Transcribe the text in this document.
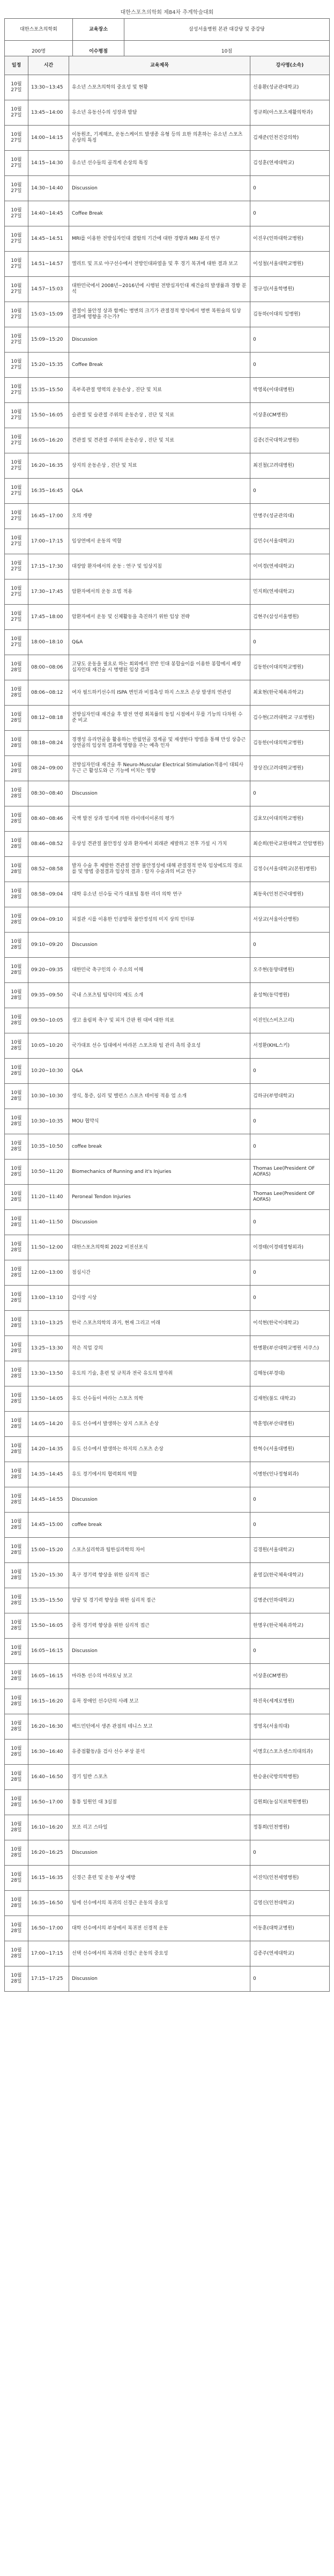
대한스포츠의학회 제84차 추계학술대회
대한스포츠의학회	교육장소	삼성서울병원 본관 대강당 및 중강당
200명	이수평점	10점
일정	시간	교육제목	강사명(소속)
10월 27일	13:30~13:45	유소년 스포츠의학의 중요성 및 현황	신용환(성균관대학교)
10월 27일	13:45~14:00	유소년 유동선수의 성장과 발달	정규희(아스포츠재활의학과)
10월 27일	14:00~14:15	이동원조, 기계해조, 운동스케이트 발생종 유형 등의 요한 의혼하는 유소년 스포츠 손상의 특징	김재준(인천건강의학)
10월 27일	14:15~14:30	유소년 선수들의 골격계 손상의 특징	김성훈(연세대학교)
10월 27일	14:30~14:40	Discussion	0
10월 27일	14:40~14:45	Coffee Break	0
10월 27일	14:45~14:51	MRI를 이용한 전방십자인대 결함의 기간에 대한 경향과 MRI 분석 연구	이진우(인하대학교병원)
10월 27일	14:51~14:57	엘리트 및 프로 야구선수에서 전방인대파열을 및 후 경기 복귀에 대한 결과 보고	이성철(서울대학교병원)
10월 27일	14:57~15:03	대한민국에서 2008년~2016년에 시행된 전방십자인대 재건술의 발생률과 경향 분석	정규성(서울학병원)
10월 27일	15:03~15:09	관절이 불안정 상과 함께는 병변의 크기가 관절경적 방식에서 병변 복원술의 임상 결과에 영향을 주는가?	김동하(이대의 일병원)
10월 27일	15:09~15:20	Discussion	0
10월 27일	15:20~15:35	Coffee Break	0
10월 27일	15:35~15:50	족부족관절 영역의 운동손상 , 진단 및 치료	박영록(이대대병원)
10월 27일	15:50~16:05	슬관절 및 슬관절 주위의 운동손상 , 진단 및 치료	이상훈(CM병원)
10월 27일	16:05~16:20	견관절 및 견관절 주위의 운동손상 , 진단 및 치료	김종(건국대학교병원)
10월 27일	16:20~16:35	상지의 운동손상 , 진단 및 치료	최진철(고려대병원)
10월 27일	16:35~16:45	Q&A	0
10월 27일	16:45~17:00	오의 개량	안병주(성균관의대)
10월 27일	17:00~17:15	임상연에서 운동의 역할	김민수(서울대학교)
10월 27일	17:15~17:30	대장암 환자에서의 운동 : 연구 및 임상지침	이미경(연세대학교)
10월 27일	17:30~17:45	암환자에서의 운동 요법 적용	민지희(연세대학교)
10월 27일	17:45~18:00	암환자에서 운동 및 신체활동을 촉진하기 위한 임상 전략	김현주(삼성서울병원)
10월 27일	18:00~18:10	Q&A	0
10월 28일	08:00~08:06	고당도 운동을 필요로 하는 회외에서 전반 인대 봉합술이를 이용한 봉합에서 패장 십자인대 재건술 시 병행된 임상 결과	김동한(이대의학교병원)
10월 28일	08:06~08:12	여자 필드하키선수의 ISPA 변인과 비접촉성 하지 스포츠 손상 발생의 연관성	최효현(한국체육과학교)
10월 28일	08:12~08:18	전방십자인대 재건술 후 발전 연령 회복률의 동일 시점에서 무릎 기능의 다차원 수준 비교	김수현(고려대학교 구로병원)
10월 28일	08:18~08:24	경쟁성 유리연골을 활용하는 반월연골 경계골 및 재생한다 방법을 통해 만성 상층근 상연골의 임상적 결과에 영향을 주는 예측 인자	김동한(이대의학교병원)
10월 28일	08:24~09:00	전방십자인대 재건술 후 Neuro-Muscular Electrical Stimulation적용이 대퇴사두근 근 활성도와 근 기능에 미치는 영향	장상진(고려대학교병원)
10월 28일	08:30~08:40	Discussion	0
10월 28일	08:40~08:46	국책 발전 상과 엄지에 의한 라이데이이론의 평가	김효모(이대의학교병원)
10월 28일	08:46~08:52	유상성 견관절 불안정성 상과 환자에서 외래관 재발하고 전후 가설 시 가치	최순희(한국교원대학교 안암병원)
10월 28일	08:52~08:58	발자 수술 후 재발한 견관절 전방 불안정성에 대해 관절경적 반복 임상에도의 경로를 및 방법 중점결과 임상적 결과 : 탈자 수술과의 비교 연구	김정수(서울대학교(본원)병원)
10월 28일	08:58~09:04	대학 유소년 선수들 국가 대표팀 통한 리더 의학 연구	최동욱(인천건국대병원)
10월 28일	09:04~09:10	피질관 시를 이용한 인공발목 불안정성의 미지 상의 인터뷰	서상교(서울아산병원)
10월 28일	09:10~09:20	Discussion	0
10월 28일	09:20~09:35	대한민국 축구인의 수 주소의 이해	오주현(동양대병원)
10월 28일	09:35~09:50	국내 스포츠팀 팀닥터의 제도 소개	윤성혁(동덕병원)
10월 28일	09:50~10:05	생고 올림픽 축구 및 피겨 간판 원 대비 대한 의료	이진인(스비츠고리)
10월 28일	10:05~10:20	국가대표 선수 입대에서 바라본 스포츠와 팀 관리 측의 중요성	서정환(KHL스키)
10월 28일	10:20~10:30	Q&A	0
10월 28일	10:30~10:30	생식, 통증, 심리 및 밸런스 스포츠 테이핑 적용 업 소개	김하규(부영대학교)
10월 28일	10:30~10:35	MOU 협약식	0
10월 28일	10:35~10:50	coffee break	0
10월 28일	10:50~11:20	Biomechanics of Running and it's Injuries	Thomas Lee(President OF AOFAS)
10월 28일	11:20~11:40	Peroneal Tendon Injuries	Thomas Lee(President OF AOFAS)
10월 28일	11:40~11:50	Discussion	0
10월 28일	11:50~12:00	대한스포츠의학회 2022 비전선포식	이경태(이경태정형외과)
10월 28일	12:00~13:00	점심시간	0
10월 28일	13:00~13:10	감사장 시상	0
10월 28일	13:10~13:25	한국 스포츠의학의 과거, 현재 그리고 미래	이석현(한국이대학교)
10월 28일	13:25~13:30	작은 직업 강의	한병환(부산대학교병원 서쿠스)
10월 28일	13:30~13:50	유도의 기술, 훈련 및 규칙과 전국 유도의 발자취	김해동(부경대)
10월 28일	13:50~14:05	유도 선수들이 바라는 스포츠 의학	김재헌(불도 대학교)
10월 28일	14:05~14:20	유도 선수에서 발생하는 상지 스포츠 손상	박훈영(부산대병원)
10월 28일	14:20~14:35	유도 선수에서 발생하는 하지의 스포츠 손상	한혁수(서울대병원)
10월 28일	14:35~14:45	유도 경기에서의 협력회의 역할	이병한(인나정형외과)
10월 28일	14:45~14:55	Discussion	0
10월 28일	14:45~15:00	coffee break	0
10월 28일	15:00~15:20	스포츠심리학과 팀한심리학의 차이	김경원(서울대학교)
10월 28일	15:20~15:30	혹구 경기력 향상을 위한 심리적 접근	윤영길(한국체육대학교)
10월 28일	15:35~15:50	양궁 및 경기력 향상을 위한 심리적 접근	김병준(인하대학교)
10월 28일	15:50~16:05	중목 경기력 향상을 위한 심리적 접근	한명우(한국체육과학교)
10월 28일	16:05~16:15	Discussion	0
10월 28일	16:05~16:15	마라톤 선수의 마라토닝 보고	이상훈(CM병원)
10월 28일	16:15~16:20	유목 장애인 선수단의 사례 보고	하진욱(세계로병원)
10월 28일	16:20~16:30	배드민턴에서 생존 관점의 테니스 보고	정영옥(서울의대)
10월 28일	16:30~16:40	유종점활동/을 검사 선수 부상 분석	이명호(스포츠센스의대의과)
10월 28일	16:40~16:50	경기 일반 스포츠	한승윤(국방의학병원)
10월 28일	16:50~17:00	통통 일원인 대 3실점	김원회(농심치료학원병원)
10월 28일	16:10~16:20	보조 리고 스타일	정통희(인천병원)
10월 28일	16:20~16:25	Discussion	0
10월 28일	16:15~16:35	신경근 훈련 및 운동 부상 예방	이진익(인천세영병원)
10월 28일	16:35~16:50	팀에 선수에서의 복귀의 신경근 운동의 중요성	김영신(인천대학교)
10월 28일	16:50~17:00	대학 선수에서의 부상에서 복귀전 신경적 운동	이동훈(대학교병원)
10월 28일	17:00~17:15	선택 선수에서의 복귀와 신경근 운동의 중요성	김종주(연세대학교)
10월 28일	17:15~17:25	Discussion	0
